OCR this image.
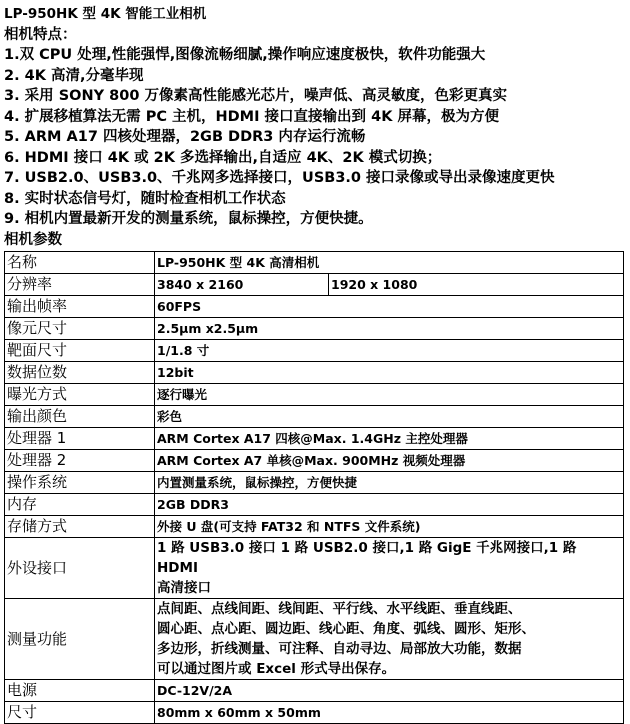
LP-950HK 型 4K 智能工业相机
相机特点：
1.双 CPU 处理,性能强悍,图像流畅细腻,操作响应速度极快，软件功能强大
2. 4K 高清,分毫毕现
3. 采用 SONY 800 万像素高性能感光芯片，噪声低、高灵敏度，色彩更真实
4. 扩展移植算法无需 PC 主机，HDMI 接口直接输出到 4K 屏幕，极为方便
5. ARM A17 四核处理器，2GB DDR3 内存运行流畅
6. HDMI 接口 4K 或 2K 多选择输出,自适应 4K、2K 模式切换；
7. USB2.0、USB3.0、千兆网多选择接口，USB3.0 接口录像或导出录像速度更快
8. 实时状态信号灯，随时检查相机工作状态
9. 相机内置最新开发的测量系统，鼠标操控，方便快捷。
相机参数
名称	LP-950HK 型 4K 高清相机	
分辨率	3840 x 2160	1920 x 1080
输出帧率	60FPS	
像元尺寸	2.5μm x2.5μm	
靶面尺寸	1/1.8 寸	
数据位数	12bit	
曝光方式	逐行曝光	
输出颜色	彩色	
处理器 1	ARM Cortex A17 四核@Max. 1.4GHz 主控处理器	
处理器 2	ARM Cortex A7 单核@Max. 900MHz 视频处理器	
操作系统	内置测量系统，鼠标操控，方便快捷	
内存	2GB DDR3	
存储方式	外接 U 盘(可支持 FAT32 和 NTFS 文件系统)	
外设接口	1 路 USB3.0 接口 1 路 USB2.0 接口,1 路 GigE 千兆网接口,1 路 HDMI
高清接口	

测量功能	点间距、点线间距、线间距、平行线、水平线距、垂直线距、
圆心距、点心距、圆边距、线心距、角度、弧线、圆形、矩形、
多边形，折线测量、可注释、自动寻边、局部放大功能，数据
可以通过图片或 Excel 形式导出保存。	

电源	DC-12V/2A	
尺寸	80mm x 60mm x 50mm	
